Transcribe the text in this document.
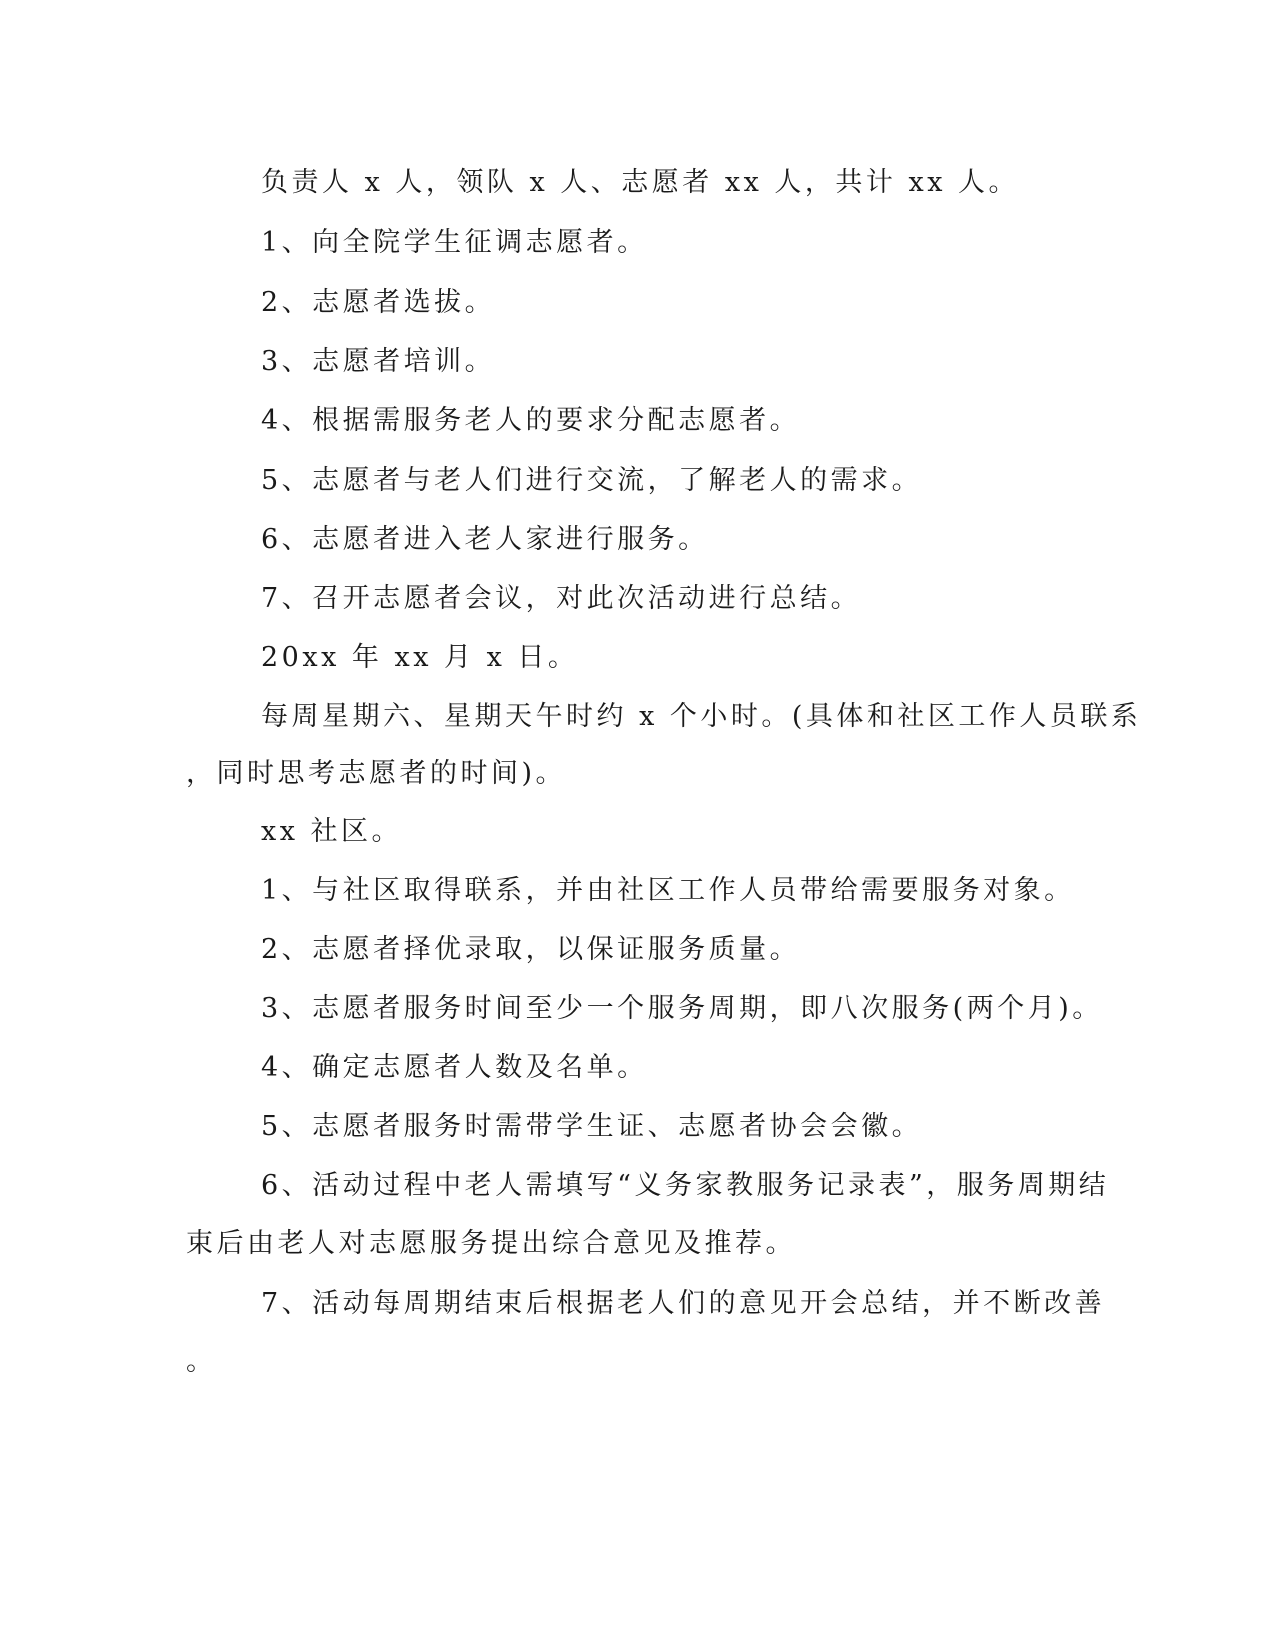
负责人 x 人，领队 x 人、志愿者 xx 人，共计 xx 人。
1、向全院学生征调志愿者。
2、志愿者选拔。
3、志愿者培训。
4、根据需服务老人的要求分配志愿者。
5、志愿者与老人们进行交流，了解老人的需求。
6、志愿者进入老人家进行服务。
7、召开志愿者会议，对此次活动进行总结。
20xx 年 xx 月 x 日。
每周星期六、星期天午时约 x 个小时。(具体和社区工作人员联系
，同时思考志愿者的时间)。
xx 社区。
1、与社区取得联系，并由社区工作人员带给需要服务对象。
2、志愿者择优录取，以保证服务质量。
3、志愿者服务时间至少一个服务周期，即八次服务(两个月)。
4、确定志愿者人数及名单。
5、志愿者服务时需带学生证、志愿者协会会徽。
6、活动过程中老人需填写“义务家教服务记录表”，服务周期结
束后由老人对志愿服务提出综合意见及推荐。
7、活动每周期结束后根据老人们的意见开会总结，并不断改善
。
